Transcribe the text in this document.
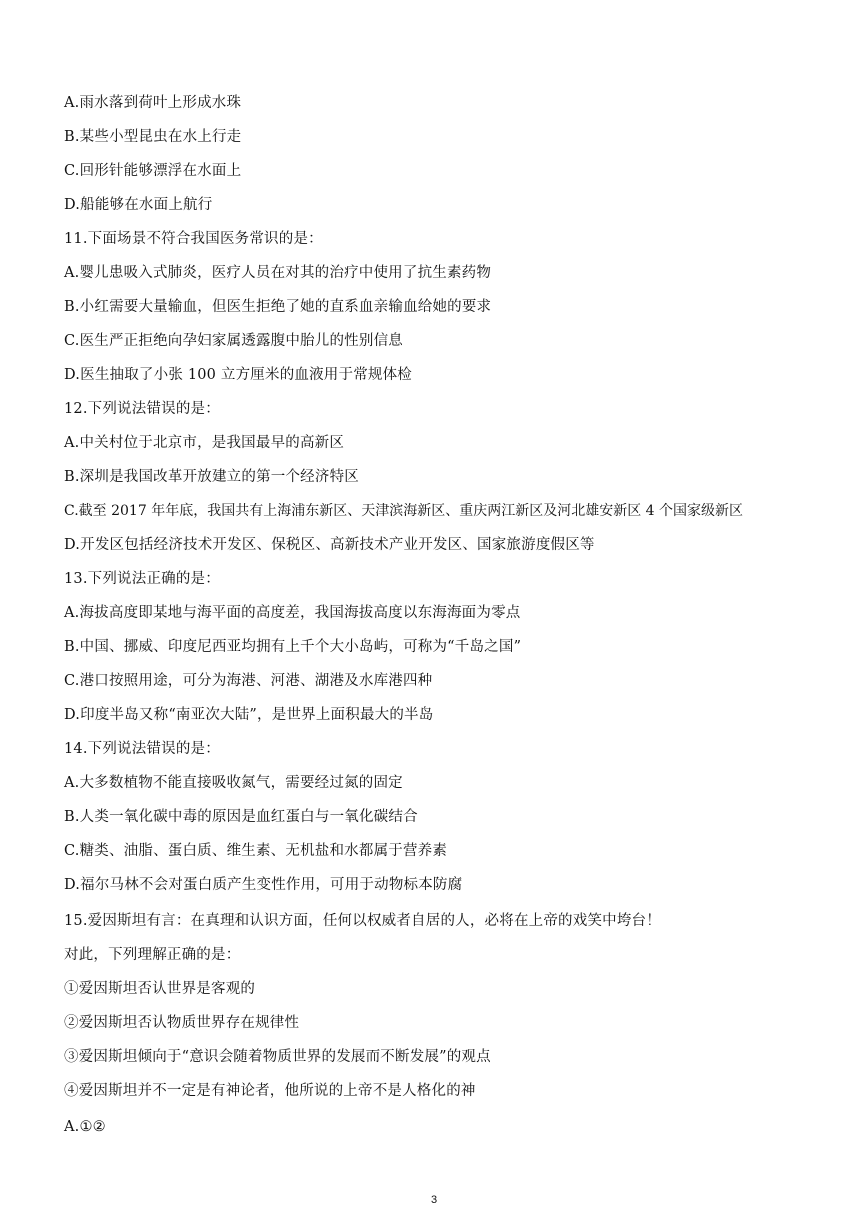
A.雨水落到荷叶上形成水珠
B.某些小型昆虫在水上行走
C.回形针能够漂浮在水面上
D.船能够在水面上航行
11.下面场景不符合我国医务常识的是：
A.婴儿患吸入式肺炎，医疗人员在对其的治疗中使用了抗生素药物
B.小红需要大量输血，但医生拒绝了她的直系血亲输血给她的要求
C.医生严正拒绝向孕妇家属透露腹中胎儿的性别信息
D.医生抽取了小张 100 立方厘米的血液用于常规体检
12.下列说法错误的是：
A.中关村位于北京市，是我国最早的高新区
B.深圳是我国改革开放建立的第一个经济特区
C.截至 2017 年年底，我国共有上海浦东新区、天津滨海新区、重庆两江新区及河北雄安新区 4 个国家级新区
D.开发区包括经济技术开发区、保税区、高新技术产业开发区、国家旅游度假区等
13.下列说法正确的是：
A.海拔高度即某地与海平面的高度差，我国海拔高度以东海海面为零点
B.中国、挪威、印度尼西亚均拥有上千个大小岛屿，可称为“千岛之国”
C.港口按照用途，可分为海港、河港、湖港及水库港四种
D.印度半岛又称“南亚次大陆”，是世界上面积最大的半岛
14.下列说法错误的是：
A.大多数植物不能直接吸收氮气，需要经过氮的固定
B.人类一氧化碳中毒的原因是血红蛋白与一氧化碳结合
C.糖类、油脂、蛋白质、维生素、无机盐和水都属于营养素
D.福尔马林不会对蛋白质产生变性作用，可用于动物标本防腐
15.爱因斯坦有言：在真理和认识方面，任何以权威者自居的人，必将在上帝的戏笑中垮台！
对此，下列理解正确的是：
①爱因斯坦否认世界是客观的
②爱因斯坦否认物质世界存在规律性
③爱因斯坦倾向于“意识会随着物质世界的发展而不断发展”的观点
④爱因斯坦并不一定是有神论者，他所说的上帝不是人格化的神
A.①②
3
